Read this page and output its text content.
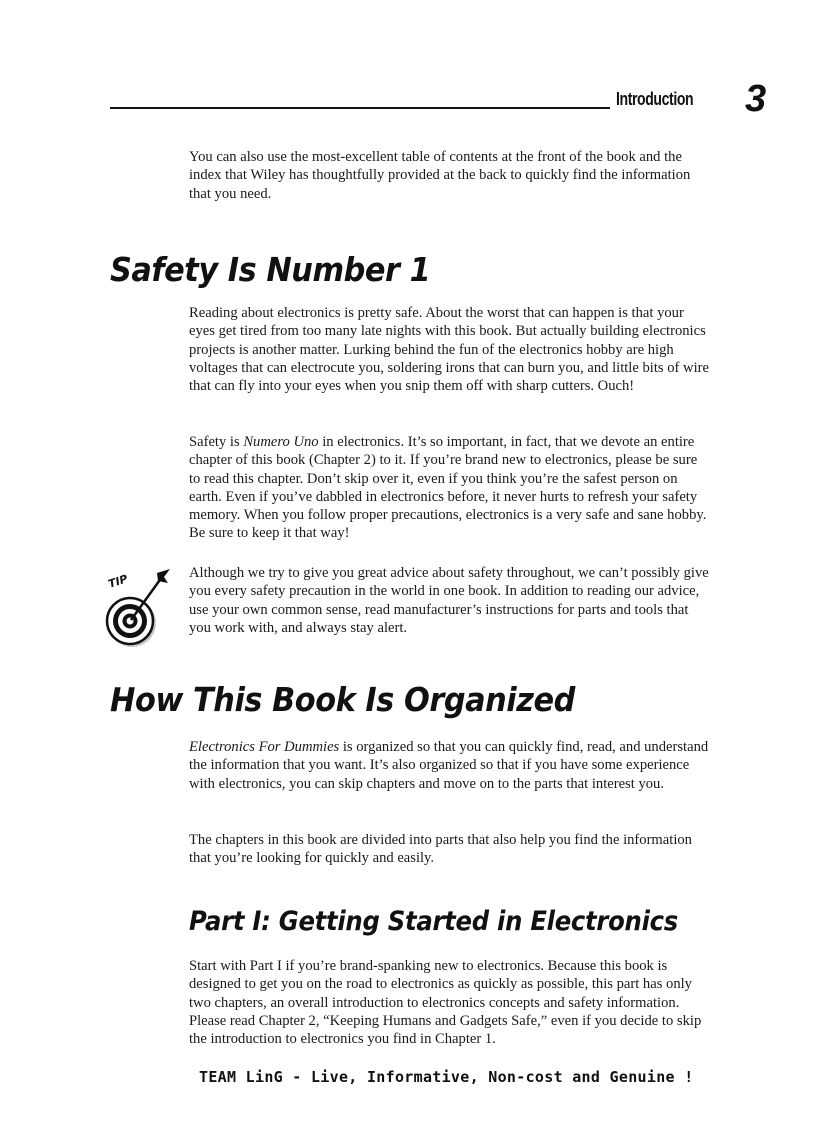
Introduction 3

You can also use the most-excellent table of contents at the front of the book and the index that Wiley has thoughtfully provided at the back to quickly find the information that you need.

Safety Is Number 1

Reading about electronics is pretty safe. About the worst that can happen is that your eyes get tired from too many late nights with this book. But actually building electronics projects is another matter. Lurking behind the fun of the electronics hobby are high voltages that can electrocute you, soldering irons that can burn you, and little bits of wire that can fly into your eyes when you snip them off with sharp cutters. Ouch!

Safety is Numero Uno in electronics. It’s so important, in fact, that we devote an entire chapter of this book (Chapter 2) to it. If you’re brand new to electronics, please be sure to read this chapter. Don’t skip over it, even if you think you’re the safest person on earth. Even if you’ve dabbled in electronics before, it never hurts to refresh your safety memory. When you follow proper precautions, electronics is a very safe and sane hobby. Be sure to keep it that way!

TIP	Although we try to give you great advice about safety throughout, we can’t possibly give you every safety precaution in the world in one book. In addition to reading our advice, use your own common sense, read manufacturer’s instructions for parts and tools that you work with, and always stay alert.

How This Book Is Organized

Electronics For Dummies is organized so that you can quickly find, read, and understand the information that you want. It’s also organized so that if you have some experience with electronics, you can skip chapters and move on to the parts that interest you.

The chapters in this book are divided into parts that also help you find the information that you’re looking for quickly and easily.

Part I: Getting Started in Electronics

Start with Part I if you’re brand-spanking new to electronics. Because this book is designed to get you on the road to electronics as quickly as possible, this part has only two chapters, an overall introduction to electronics concepts and safety information. Please read Chapter 2, “Keeping Humans and Gadgets Safe,” even if you decide to skip the introduction to electronics you find in Chapter 1.

TEAM LinG - Live, Informative, Non-cost and Genuine !
